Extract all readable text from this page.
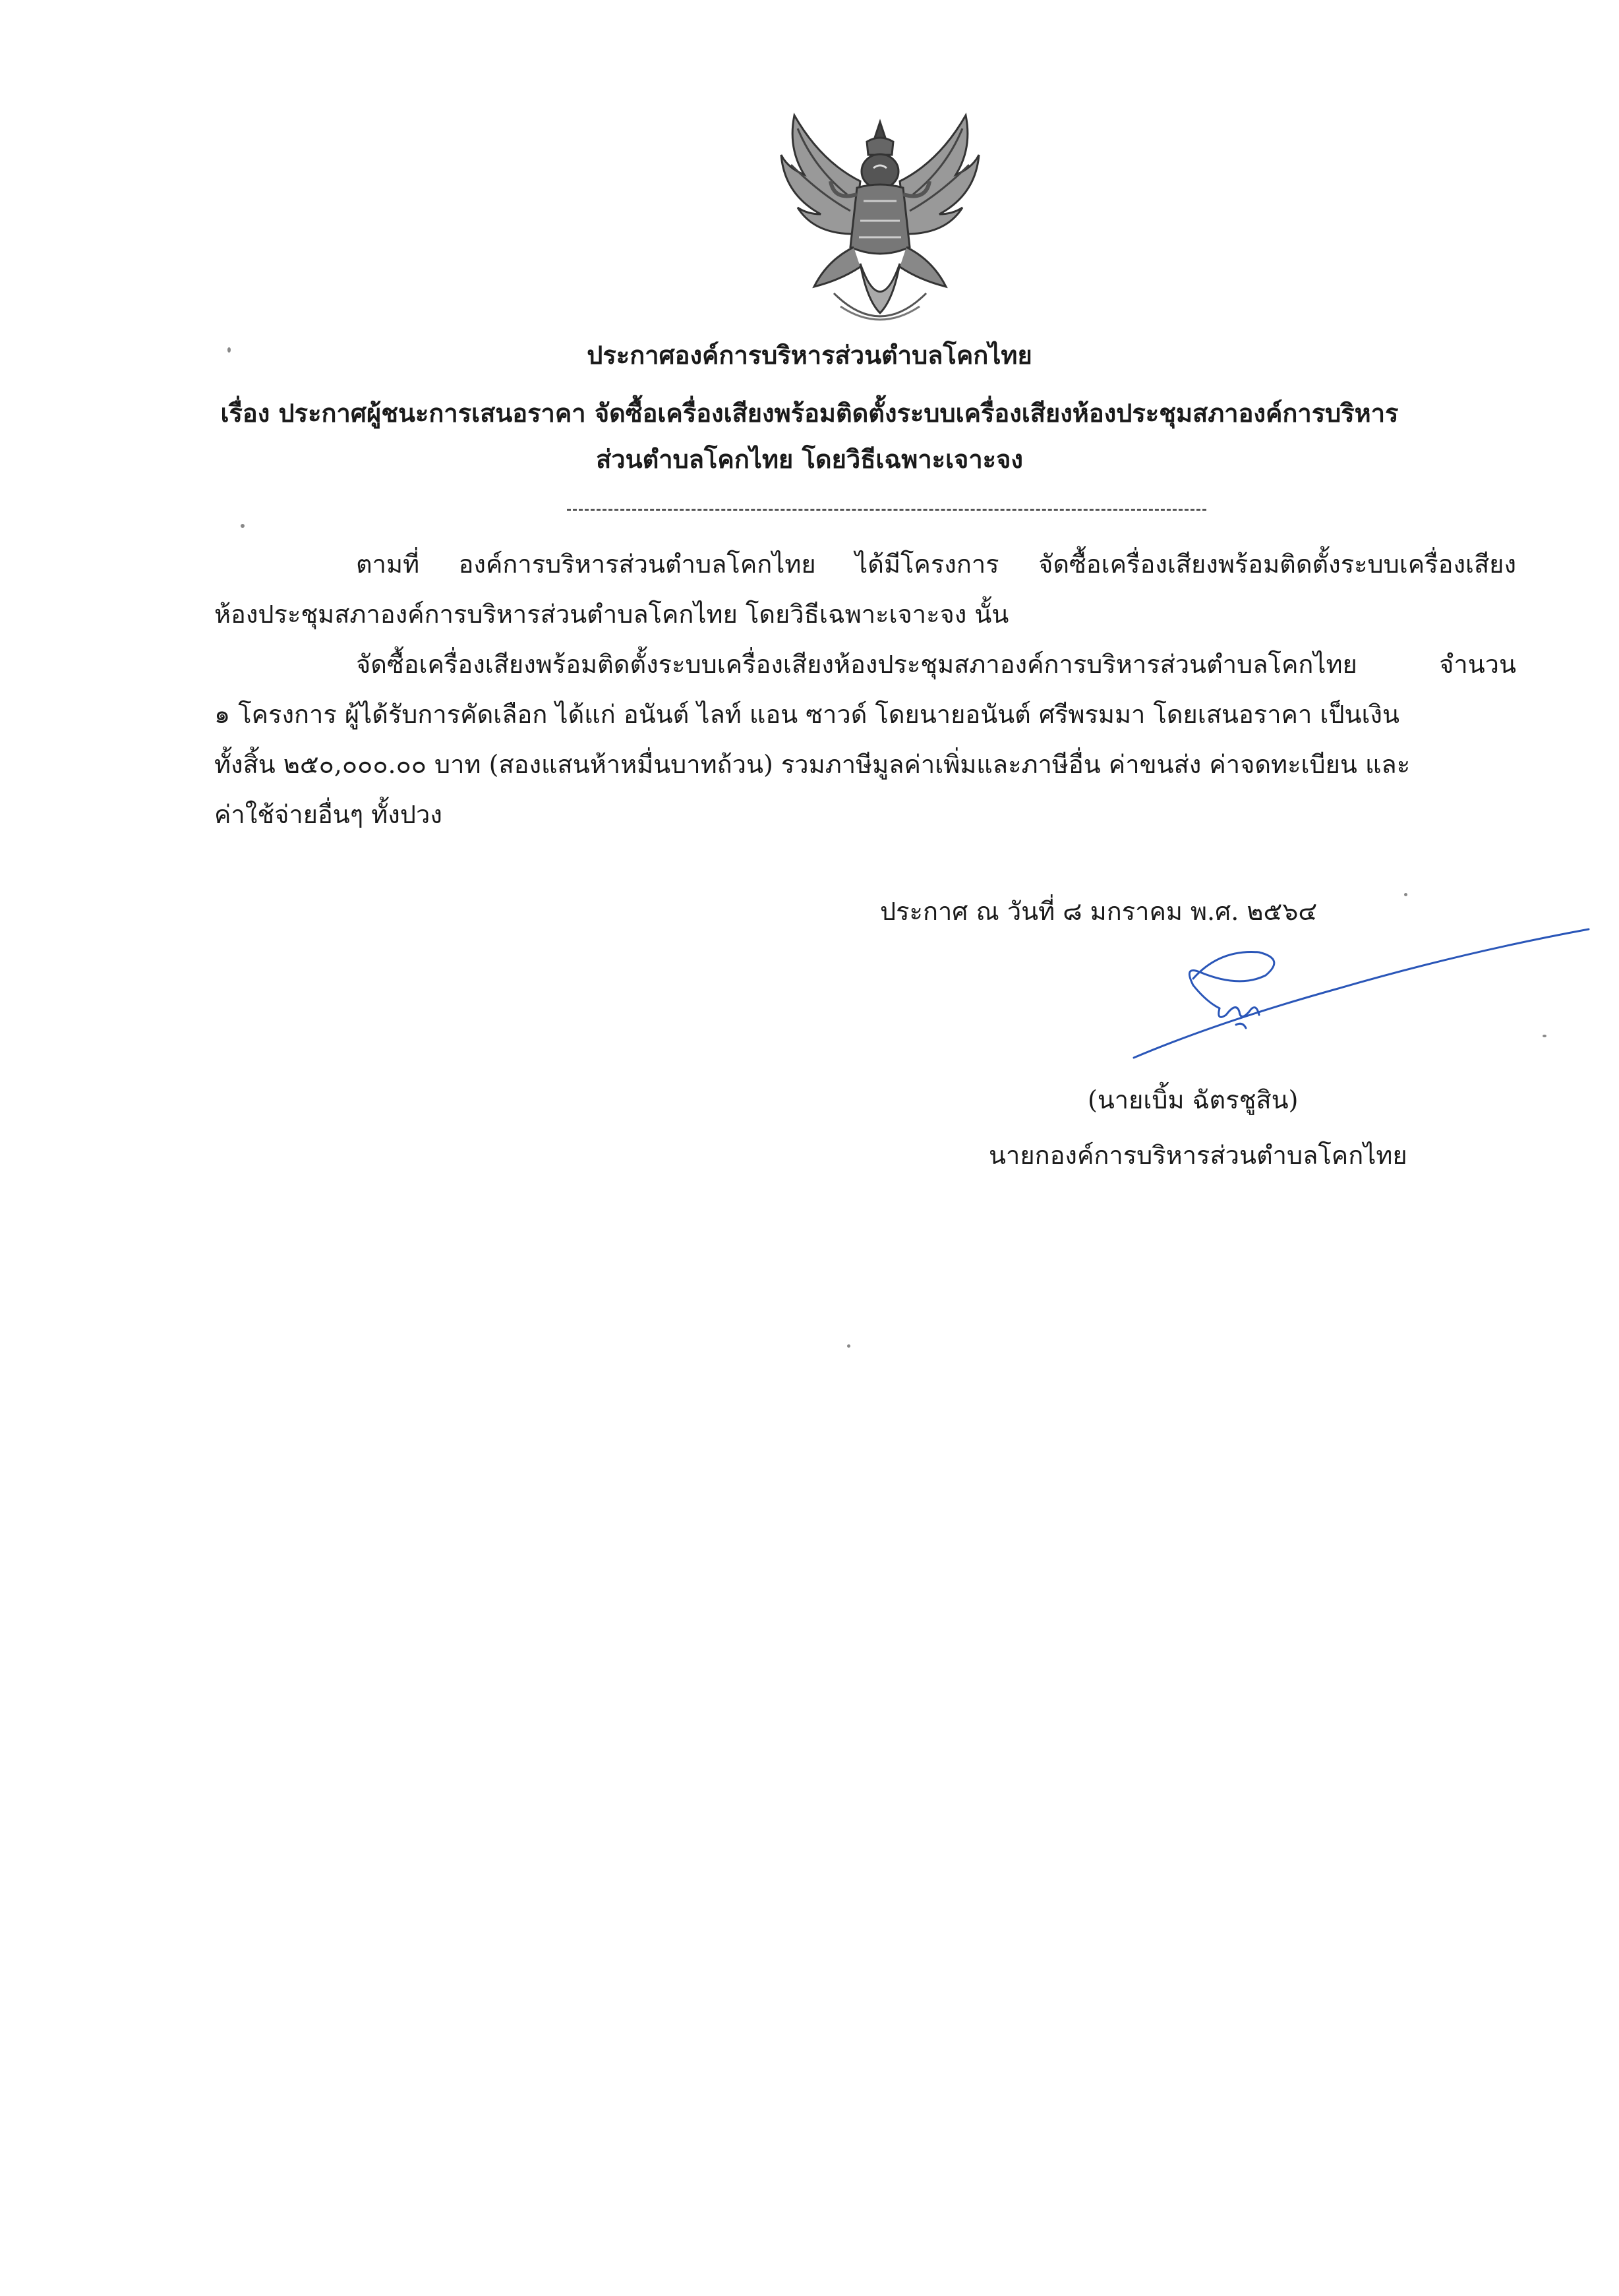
ประกาศองค์การบริหารส่วนตำบลโคกไทย
เรื่อง ประกาศผู้ชนะการเสนอราคา จัดซื้อเครื่องเสียงพร้อมติดตั้งระบบเครื่องเสียงห้องประชุมสภาองค์การบริหาร
ส่วนตำบลโคกไทย โดยวิธีเฉพาะเจาะจง
ตามที่ องค์การบริหารส่วนตำบลโคกไทย ได้มีโครงการ จัดซื้อเครื่องเสียงพร้อมติดตั้งระบบเครื่องเสียง
ห้องประชุมสภาองค์การบริหารส่วนตำบลโคกไทย โดยวิธีเฉพาะเจาะจง นั้น
จัดซื้อเครื่องเสียงพร้อมติดตั้งระบบเครื่องเสียงห้องประชุมสภาองค์การบริหารส่วนตำบลโคกไทย จำนวน
๑ โครงการ ผู้ได้รับการคัดเลือก ได้แก่ อนันต์ ไลท์ แอน ซาวด์ โดยนายอนันต์ ศรีพรมมา โดยเสนอราคา เป็นเงิน
ทั้งสิ้น ๒๕๐,๐๐๐.๐๐ บาท (สองแสนห้าหมื่นบาทถ้วน) รวมภาษีมูลค่าเพิ่มและภาษีอื่น ค่าขนส่ง ค่าจดทะเบียน และ
ค่าใช้จ่ายอื่นๆ ทั้งปวง
ประกาศ ณ วันที่ ๘ มกราคม พ.ศ. ๒๕๖๔
(นายเบิ้ม ฉัตรชูสิน)
นายกองค์การบริหารส่วนตำบลโคกไทย
